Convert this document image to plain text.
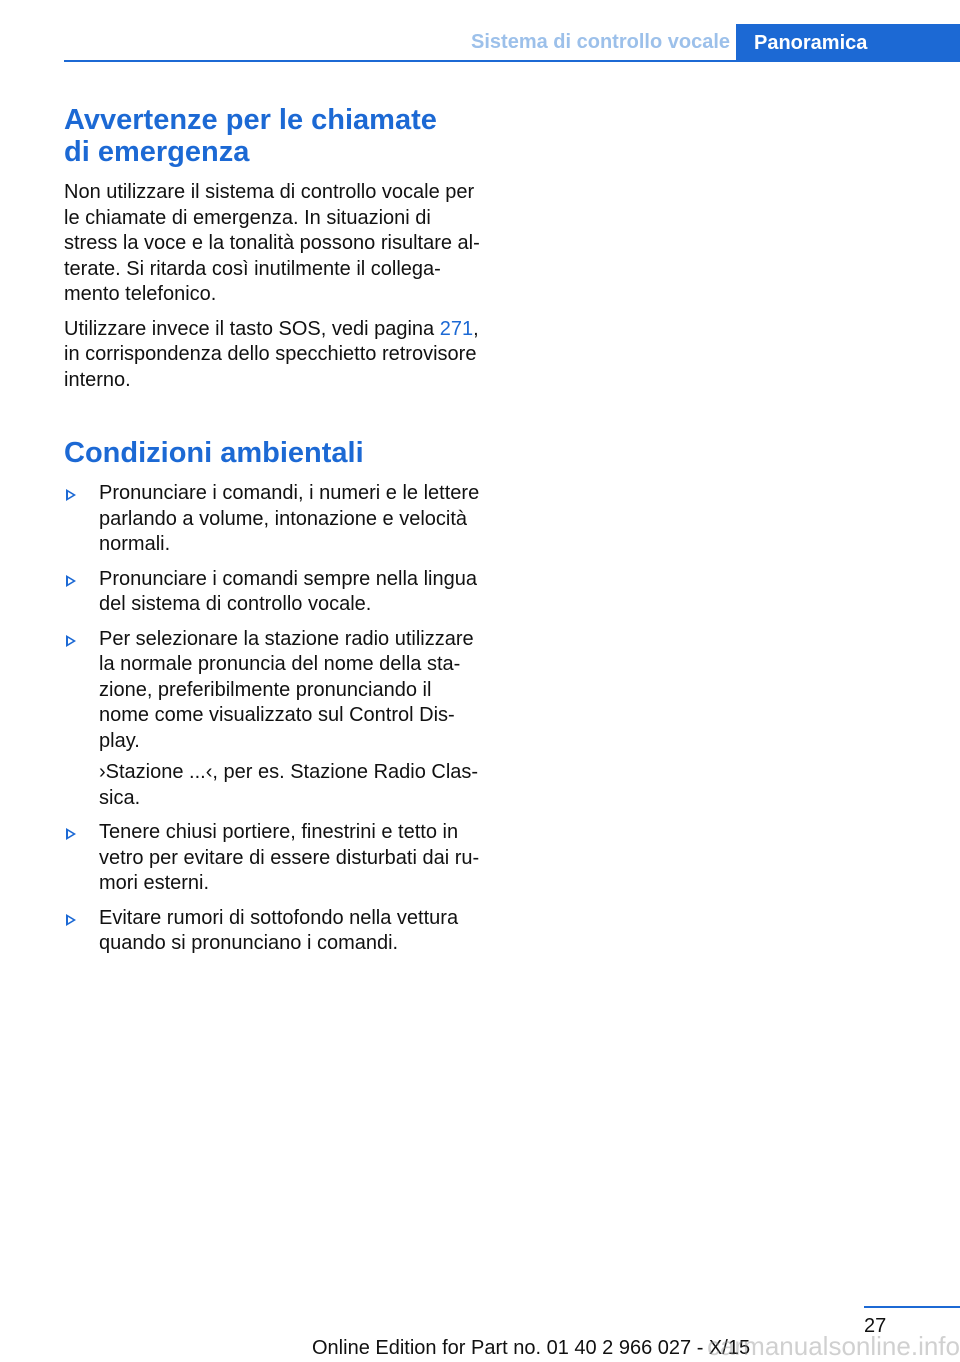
Sistema di controllo vocale	Panoramica
Avvertenze per le chiamate
di emergenza

Non utilizzare il sistema di controllo vocale per
le chiamate di emergenza. In situazioni di
stress la voce e la tonalità possono risultare al-
terate. Si ritarda così inutilmente il collega-
mento telefonico.

Utilizzare invece il tasto SOS, vedi pagina 271,
in corrispondenza dello specchietto retrovisore
interno.

Condizioni ambientali

Pronunciare i comandi, i numeri e le lettere
parlando a volume, intonazione e velocità
normali.

Pronunciare i comandi sempre nella lingua
del sistema di controllo vocale.

Per selezionare la stazione radio utilizzare
la normale pronuncia del nome della sta-
zione, preferibilmente pronunciando il
nome come visualizzato sul Control Dis-
play.

›Stazione ...‹, per es. Stazione Radio Clas-
sica.

Tenere chiusi portiere, finestrini e tetto in
vetro per evitare di essere disturbati dai ru-
mori esterni.

Evitare rumori di sottofondo nella vettura
quando si pronunciano i comandi.

27
Online Edition for Part no. 01 40 2 966 027 - X/15
carmanualsonline.info
